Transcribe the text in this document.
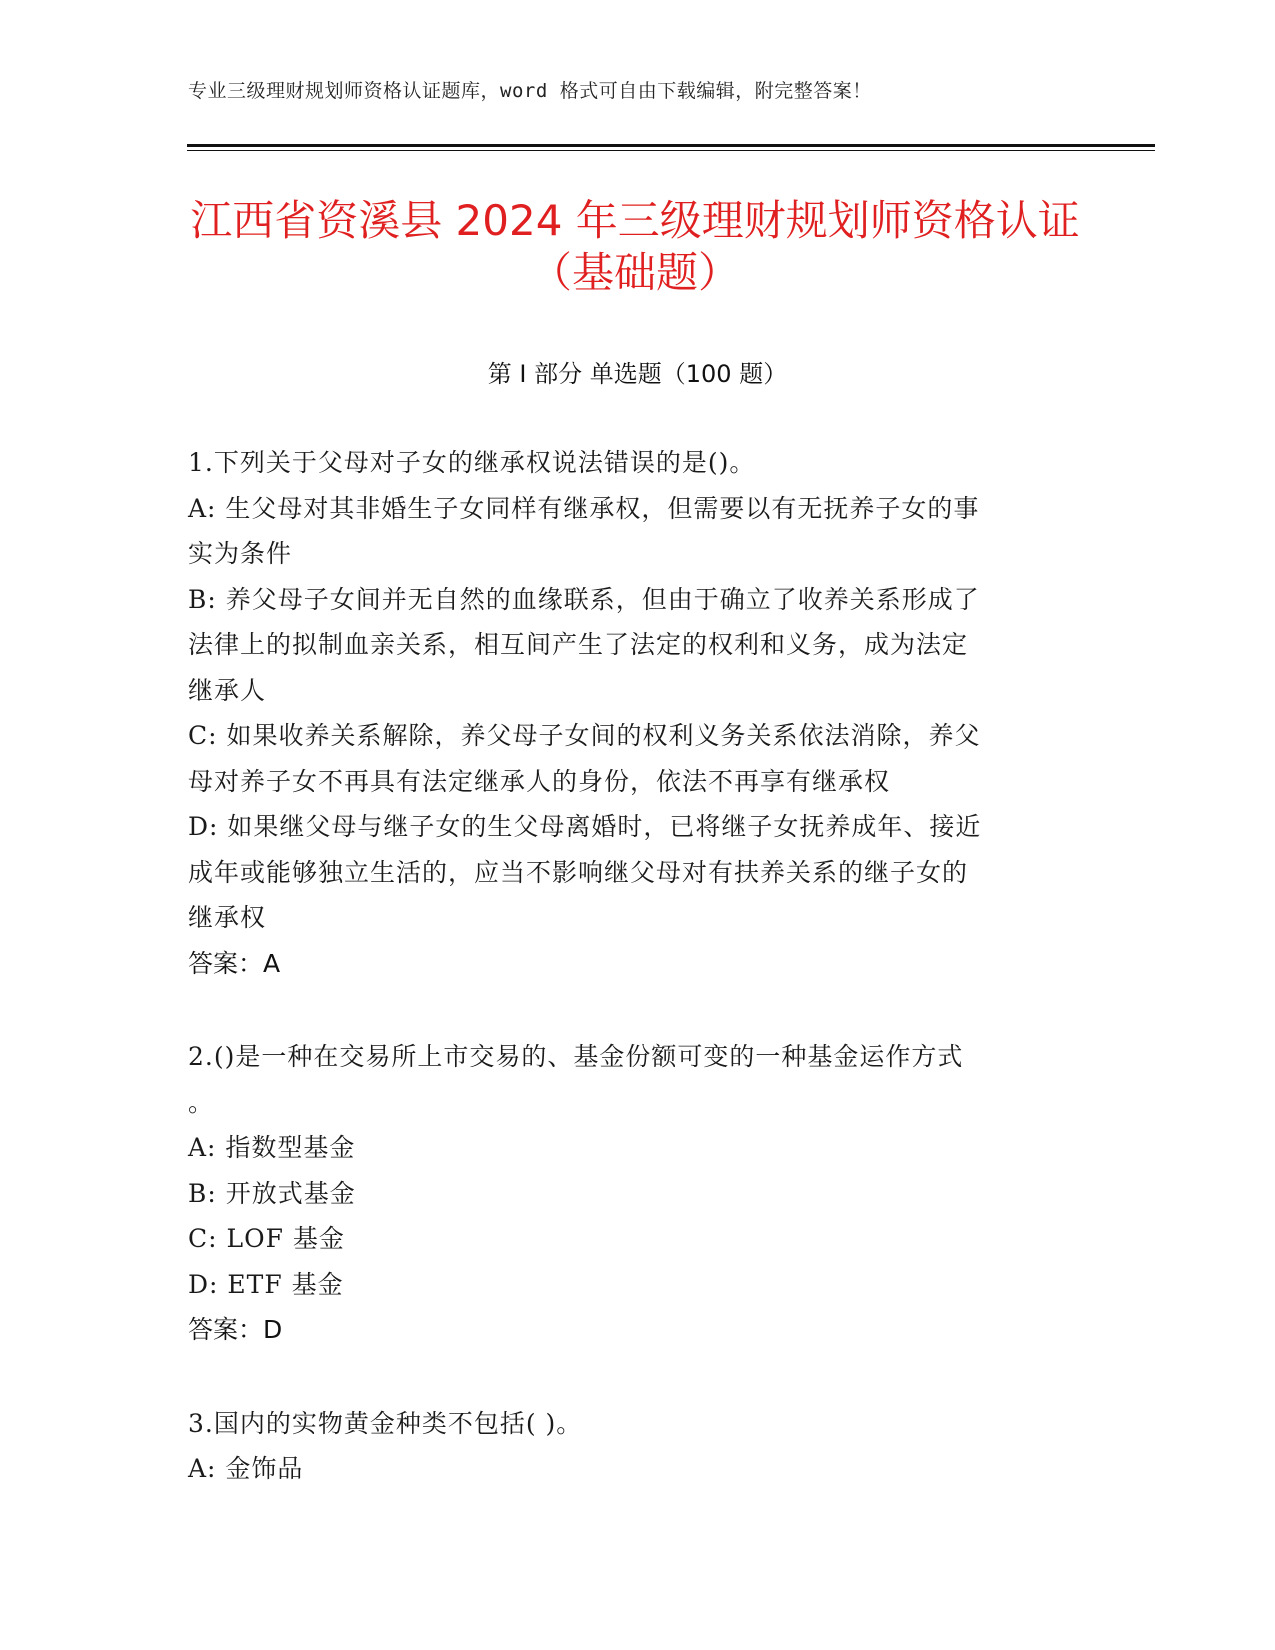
专业三级理财规划师资格认证题库，word 格式可自由下载编辑，附完整答案！
江西省资溪县 2024 年三级理财规划师资格认证（基础题）
第 I 部分 单选题（100 题）
1.下列关于父母对子女的继承权说法错误的是()。
A: 生父母对其非婚生子女同样有继承权，但需要以有无抚养子女的事
实为条件
B: 养父母子女间并无自然的血缘联系，但由于确立了收养关系形成了
法律上的拟制血亲关系，相互间产生了法定的权利和义务，成为法定
继承人
C: 如果收养关系解除，养父母子女间的权利义务关系依法消除，养父
母对养子女不再具有法定继承人的身份，依法不再享有继承权
D: 如果继父母与继子女的生父母离婚时，已将继子女抚养成年、接近
成年或能够独立生活的，应当不影响继父母对有扶养关系的继子女的
继承权
答案：A
2.()是一种在交易所上市交易的、基金份额可变的一种基金运作方式
。
A: 指数型基金
B: 开放式基金
C: LOF 基金
D: ETF 基金
答案：D
3.国内的实物黄金种类不包括( )。
A: 金饰品
